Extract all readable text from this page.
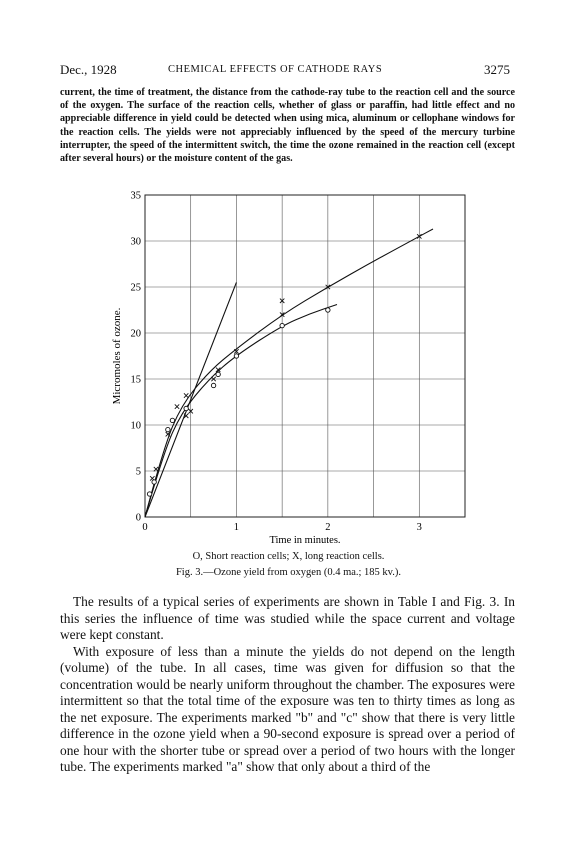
Dec., 1928	CHEMICAL EFFECTS OF CATHODE RAYS	3275
current, the time of treatment, the distance from the cathode-ray tube to the reaction cell and the source of the oxygen. The surface of the reaction cells, whether of glass or paraffin, had little effect and no appreciable difference in yield could be detected when using mica, aluminum or cellophane windows for the reaction cells. The yields were not appreciably influenced by the speed of the mercury turbine interrupter, the speed of the intermittent switch, the time the ozone remained in the reaction cell (except after several hours) or the moisture content of the gas.
0
5
10
15
20
25
30
35
0	1	2	3
Micromoles of ozone.
Time in minutes.
O, Short reaction cells; X, long reaction cells.
Fig. 3.—Ozone yield from oxygen (0.4 ma.; 185 kv.).

The results of a typical series of experiments are shown in Table I and Fig. 3. In this series the influence of time was studied while the space current and voltage were kept constant.

With exposure of less than a minute the yields do not depend on the length (volume) of the tube. In all cases, time was given for diffusion so that the concentration would be nearly uniform throughout the chamber. The exposures were intermittent so that the total time of the exposure was ten to thirty times as long as the net exposure. The experiments marked "b" and "c" show that there is very little difference in the ozone yield when a 90-second exposure is spread over a period of one hour with the shorter tube or spread over a period of two hours with the longer tube. The experiments marked "a" show that only about a third of the
